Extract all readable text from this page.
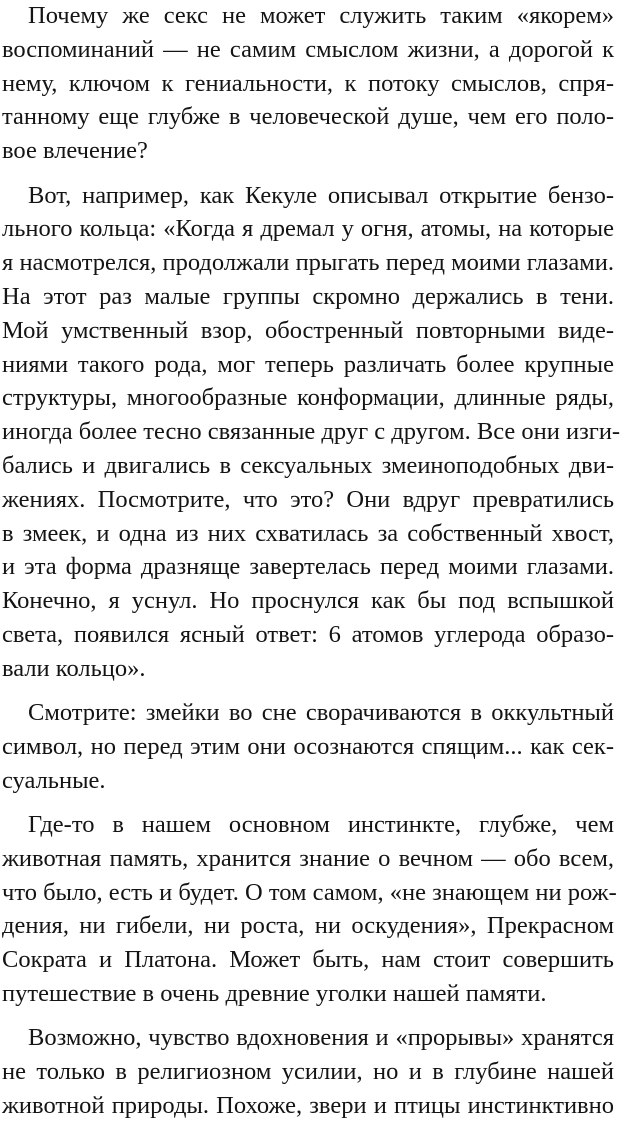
Почему же секс не может служить таким «якорем»
воспоминаний — не самим смыслом жизни, а дорогой к
нему, ключом к гениальности, к потоку смыслов, спря-
танному еще глубже в человеческой душе, чем его поло-
вое влечение?
Вот, например, как Кекуле описывал открытие бензо-
льного кольца: «Когда я дремал у огня, атомы, на которые
я насмотрелся, продолжали прыгать перед моими глазами.
На этот раз малые группы скромно держались в тени.
Мой умственный взор, обостренный повторными виде-
ниями такого рода, мог теперь различать более крупные
структуры, многообразные конформации, длинные ряды,
иногда более тесно связанные друг с другом. Все они изги-
бались и двигались в сексуальных змеиноподобных дви-
жениях. Посмотрите, что это? Они вдруг превратились
в змеек, и одна из них схватилась за собственный хвост,
и эта форма дразняще завертелась перед моими глазами.
Конечно, я уснул. Но проснулся как бы под вспышкой
света, появился ясный ответ: 6 атомов углерода образо-
вали кольцо».
Смотрите: змейки во сне сворачиваются в оккультный
символ, но перед этим они осознаются спящим... как сек-
суальные.
Где-то в нашем основном инстинкте, глубже, чем
животная память, хранится знание о вечном — обо всем,
что было, есть и будет. О том самом, «не знающем ни рож-
дения, ни гибели, ни роста, ни оскудения», Прекрасном
Сократа и Платона. Может быть, нам стоит совершить
путешествие в очень древние уголки нашей памяти.
Возможно, чувство вдохновения и «прорывы» хранятся
не только в религиозном усилии, но и в глубине нашей
животной природы. Похоже, звери и птицы инстинктивно
